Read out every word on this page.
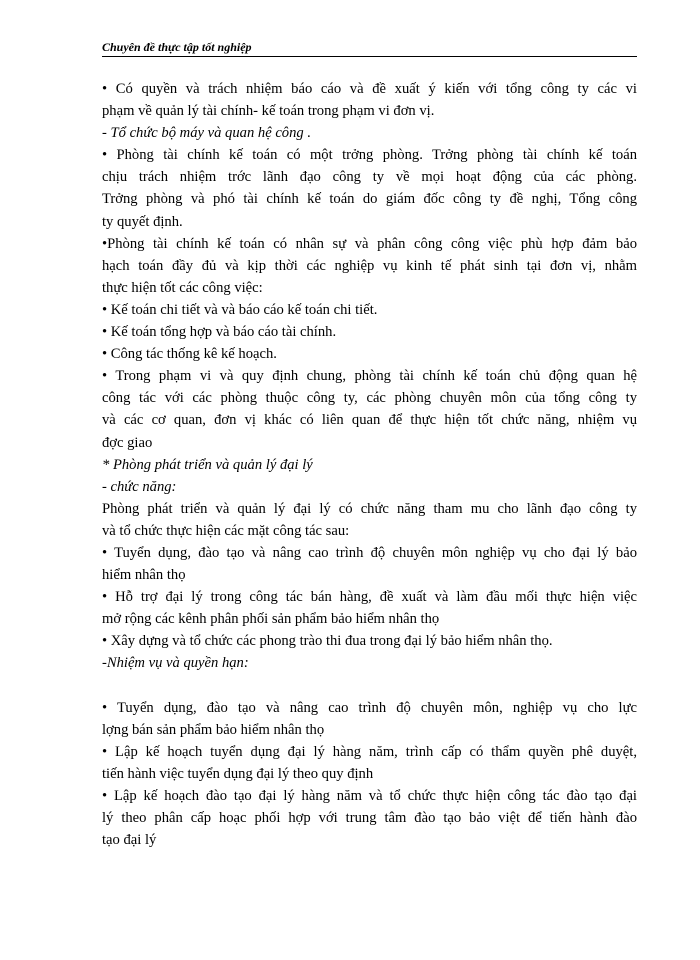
Chuyên đề thực tập tốt nghiệp
• Có quyền và trách nhiệm báo cáo và đề xuất ý kiến với tổng công ty các vi
phạm về quản lý tài chính- kế toán trong phạm vi đơn vị.
- Tổ chức bộ máy và quan hệ công .
• Phòng tài chính kế toán có một trởng phòng. Trởng phòng tài chính kế toán
chịu trách nhiệm trớc lãnh đạo công ty về mọi hoạt động của các phòng.
Trởng phòng và phó tài chính kế toán do giám đốc công ty đề nghị, Tổng công
ty quyết định.
•Phòng tài chính kế toán có nhân sự và phân công công việc phù hợp đảm bảo
hạch toán đầy đủ và kịp thời các nghiệp vụ kinh tế phát sinh tại đơn vị, nhằm
thực hiện tốt các công việc:
• Kế toán chi tiết và và báo cáo kế toán chi tiết.
• Kế toán tổng hợp và báo cáo tài chính.
• Công tác thống kê kế hoạch.
• Trong phạm vi và quy định chung, phòng tài chính kế toán chủ động quan hệ
công tác với các phòng thuộc công ty, các phòng chuyên môn của tổng công ty
và các cơ quan, đơn vị khác có liên quan để thực hiện tốt chức năng, nhiệm vụ
đợc giao
* Phòng phát triển và quản lý đại lý
- chức năng:
Phòng phát triển và quản lý đại lý có chức năng tham mu cho lãnh đạo công ty
và tổ chức thực hiện các mặt công tác sau:
• Tuyển dụng, đào tạo và nâng cao trình độ chuyên môn nghiệp vụ cho đại lý bảo
hiểm nhân thọ
• Hỗ trợ đại lý trong công tác bán hàng, đề xuất và làm đầu mối thực hiện việc
mở rộng các kênh phân phối sản phẩm bảo hiểm nhân thọ
• Xây dựng và tổ chức các phong trào thi đua trong đại lý bảo hiểm nhân thọ.
-Nhiệm vụ và quyền hạn:
• Tuyển dụng, đào tạo và nâng cao trình độ chuyên môn, nghiệp vụ cho lực
lợng bán sản phẩm bảo hiểm nhân thọ
• Lập kế hoạch tuyển dụng đại lý hàng năm, trình cấp có thẩm quyền phê duyệt,
tiến hành việc tuyển dụng đại lý theo quy định
• Lập kế hoạch đào tạo đại lý hàng năm và tổ chức thực hiện công tác đào tạo đại
lý theo phân cấp hoạc phối hợp với trung tâm đào tạo bảo việt để tiến hành đào
tạo đại lý
